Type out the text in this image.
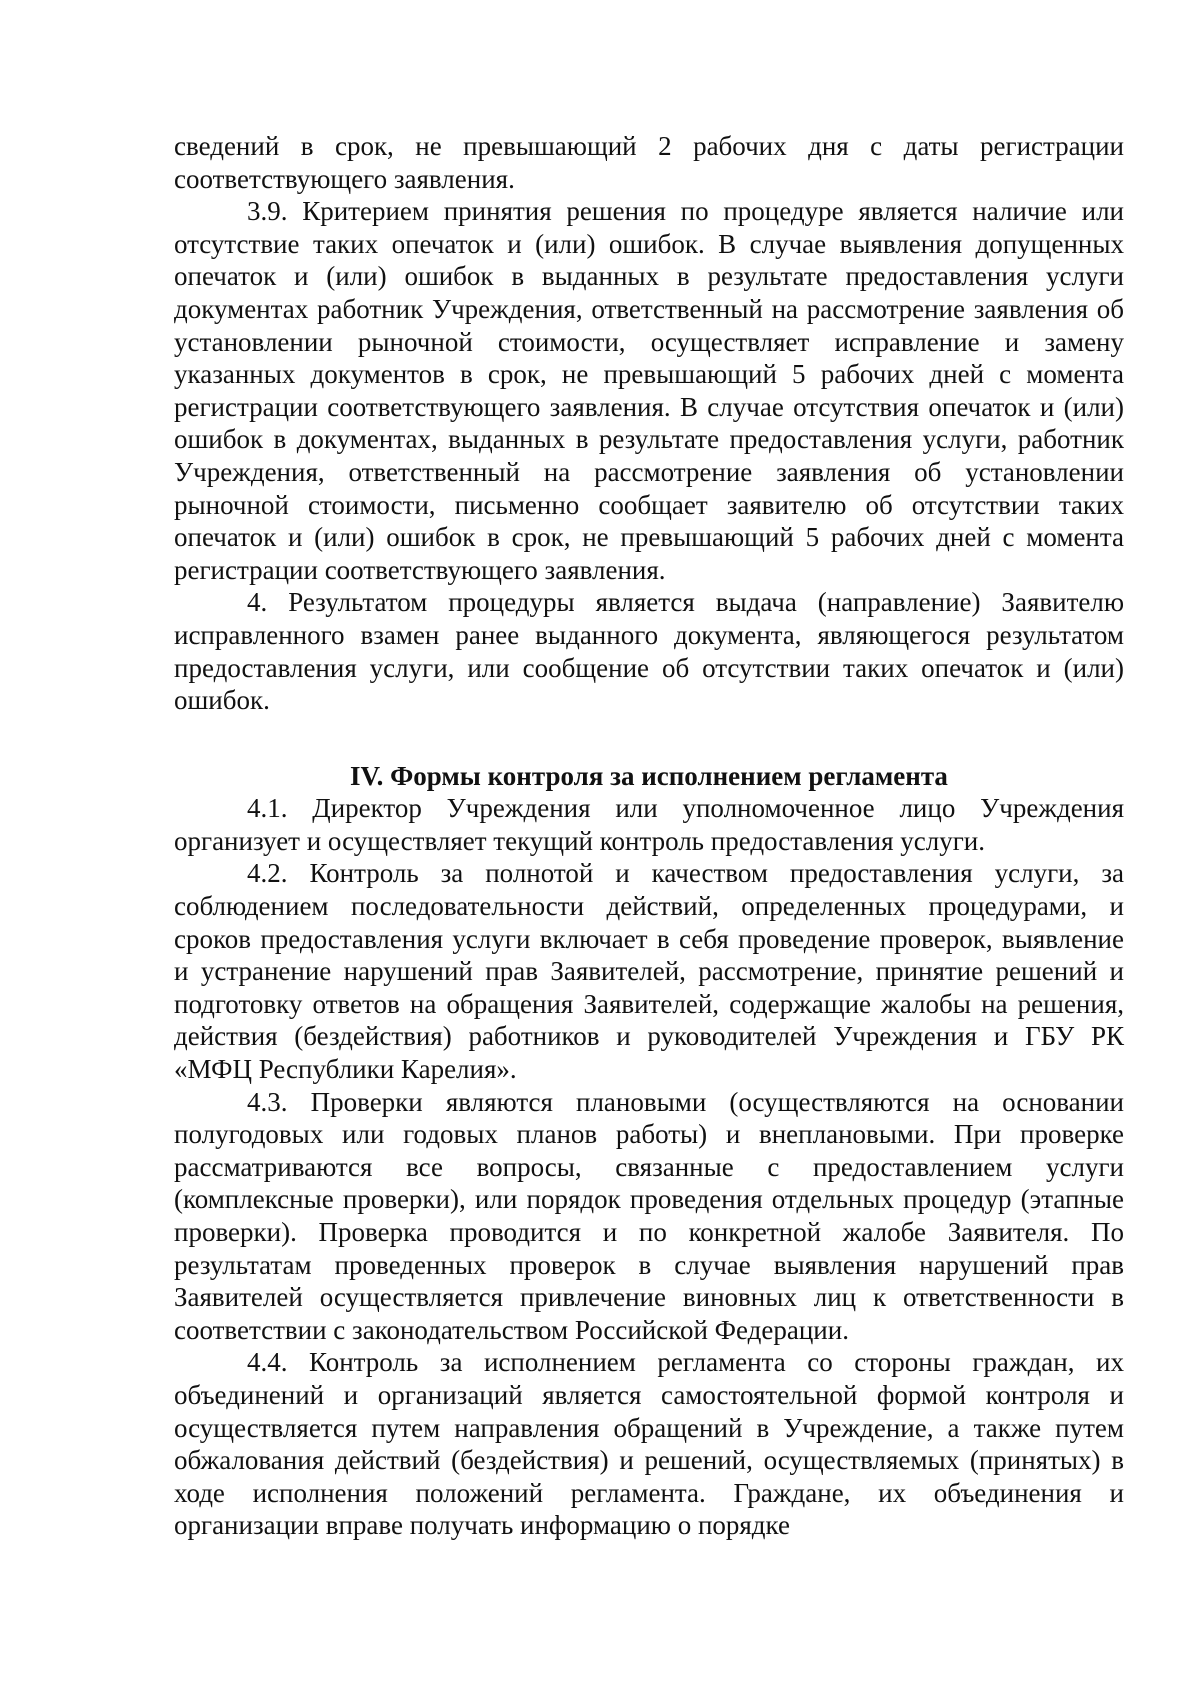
сведений в срок, не превышающий 2 рабочих дня с даты регистрации соответствующего заявления.

3.9. Критерием принятия решения по процедуре является наличие или отсутствие таких опечаток и (или) ошибок. В случае выявления допущенных опечаток и (или) ошибок в выданных в результате предоставления услуги документах работник Учреждения, ответственный на рассмотрение заявления об установлении рыночной стоимости, осуществляет исправление и замену указанных документов в срок, не превышающий 5 рабочих дней с момента регистрации соответствующего заявления. В случае отсутствия опечаток и (или) ошибок в документах, выданных в результате предоставления услуги, работник Учреждения, ответственный на рассмотрение заявления об установлении рыночной стоимости, письменно сообщает заявителю об отсутствии таких опечаток и (или) ошибок в срок, не превышающий 5 рабочих дней с момента регистрации соответствующего заявления.

4. Результатом процедуры является выдача (направление) Заявителю исправленного взамен ранее выданного документа, являющегося результатом предоставления услуги, или сообщение об отсутствии таких опечаток и (или) ошибок.

IV. Формы контроля за исполнением регламента

4.1. Директор Учреждения или уполномоченное лицо Учреждения организует и осуществляет текущий контроль предоставления услуги.

4.2. Контроль за полнотой и качеством предоставления услуги, за соблюдением последовательности действий, определенных процедурами, и сроков предоставления услуги включает в себя проведение проверок, выявление и устранение нарушений прав Заявителей, рассмотрение, принятие решений и подготовку ответов на обращения Заявителей, содержащие жалобы на решения, действия (бездействия) работников и руководителей Учреждения и ГБУ РК «МФЦ Республики Карелия».

4.3. Проверки являются плановыми (осуществляются на основании полугодовых или годовых планов работы) и внеплановыми. При проверке рассматриваются все вопросы, связанные с предоставлением услуги (комплексные проверки), или порядок проведения отдельных процедур (этапные проверки). Проверка проводится и по конкретной жалобе Заявителя. По результатам проведенных проверок в случае выявления нарушений прав Заявителей осуществляется привлечение виновных лиц к ответственности в соответствии с законодательством Российской Федерации.

4.4. Контроль за исполнением регламента со стороны граждан, их объединений и организаций является самостоятельной формой контроля и осуществляется путем направления обращений в Учреждение, а также путем обжалования действий (бездействия) и решений, осуществляемых (принятых) в ходе исполнения положений регламента. Граждане, их объединения и организации вправе получать информацию о порядке
